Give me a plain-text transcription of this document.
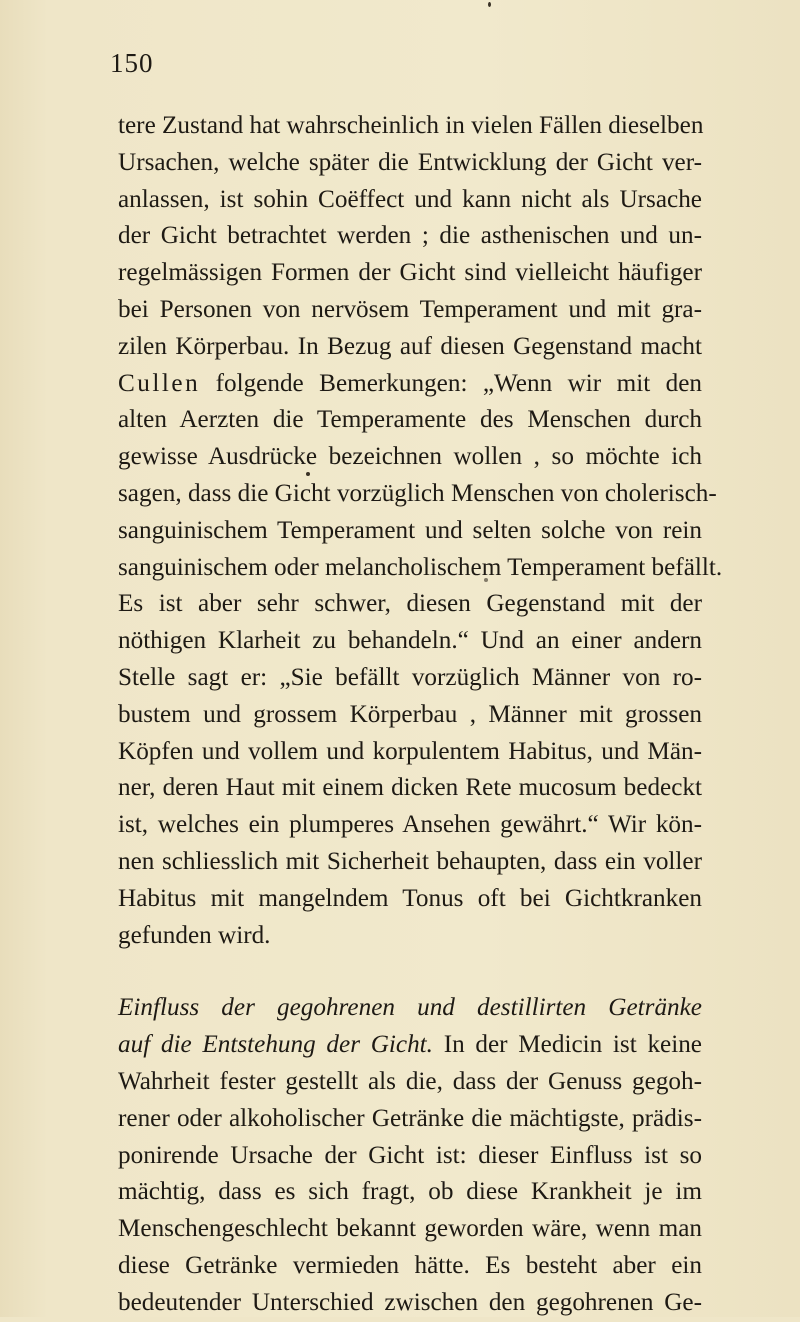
150
tere Zustand hat wahrscheinlich in vielen Fällen dieselben
Ursachen, welche später die Entwicklung der Gicht ver-
anlassen, ist sohin Coëffect und kann nicht als Ursache
der Gicht betrachtet werden ; die asthenischen und un-
regelmässigen Formen der Gicht sind vielleicht häufiger
bei Personen von nervösem Temperament und mit gra-
zilen Körperbau. In Bezug auf diesen Gegenstand macht
Cullen folgende Bemerkungen: „Wenn wir mit den
alten Aerzten die Temperamente des Menschen durch
gewisse Ausdrücke bezeichnen wollen , so möchte ich
sagen, dass die Gicht vorzüglich Menschen von cholerisch-
sanguinischem Temperament und selten solche von rein
sanguinischem oder melancholischem Temperament befällt.
Es ist aber sehr schwer, diesen Gegenstand mit der
nöthigen Klarheit zu behandeln.“ Und an einer andern
Stelle sagt er: „Sie befällt vorzüglich Männer von ro-
bustem und grossem Körperbau , Männer mit grossen
Köpfen und vollem und korpulentem Habitus, und Män-
ner, deren Haut mit einem dicken Rete mucosum bedeckt
ist, welches ein plumperes Ansehen gewährt.“ Wir kön-
nen schliesslich mit Sicherheit behaupten, dass ein voller
Habitus mit mangelndem Tonus oft bei Gichtkranken
gefunden wird.
Einfluss der gegohrenen und destillirten Getränke
auf die Entstehung der Gicht. In der Medicin ist keine
Wahrheit fester gestellt als die, dass der Genuss gegoh-
rener oder alkoholischer Getränke die mächtigste, prädis-
ponirende Ursache der Gicht ist: dieser Einfluss ist so
mächtig, dass es sich fragt, ob diese Krankheit je im
Menschengeschlecht bekannt geworden wäre, wenn man
diese Getränke vermieden hätte. Es besteht aber ein
bedeutender Unterschied zwischen den gegohrenen Ge-
